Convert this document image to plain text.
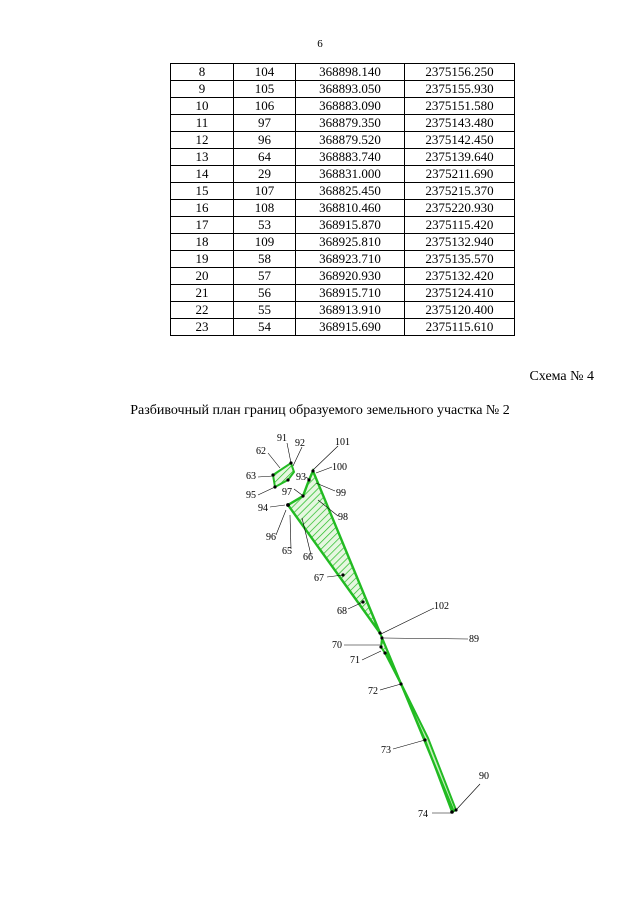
6
8	104	368898.140	2375156.250
9	105	368893.050	2375155.930
10	106	368883.090	2375151.580
11	97	368879.350	2375143.480
12	96	368879.520	2375142.450
13	64	368883.740	2375139.640
14	29	368831.000	2375211.690
15	107	368825.450	2375215.370
16	108	368810.460	2375220.930
17	53	368915.870	2375115.420
18	109	368925.810	2375132.940
19	58	368923.710	2375135.570
20	57	368920.930	2375132.420
21	56	368915.710	2375124.410
22	55	368913.910	2375120.400
23	54	368915.690	2375115.610
Схема № 4
Разбивочный план границ образуемого земельного участка № 2
91 92	101
62
100
93
63
99
97
95
94
98
96
65
66
67
68	102
89
70
71
72
73
90
74
